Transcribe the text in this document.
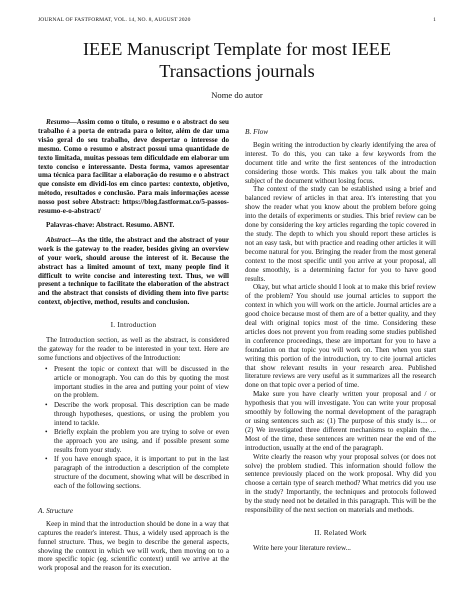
JOURNAL OF FASTFORMAT, VOL. 14, NO. 8, AUGUST 2020	1
IEEE Manuscript Template for most IEEE Transactions journals
Nome do autor

Resumo—Assim como o título, o resumo e o abstract do seu trabalho é a porta de entrada para o leitor, além de dar uma visão geral do seu trabalho, deve despertar o interesse do mesmo. Como o resumo e abstract possui uma quantidade de texto limitada, muitas pessoas tem dificuldade em elaborar um texto conciso e interessante. Desta forma, vamos apresentar uma técnica para facilitar a elaboração do resumo e o abstract que consiste em dividi-los em cinco partes: contexto, objetivo, método, resultados e conclusão. Para mais informações acesse nosso post sobre Abstract: https://blog.fastformat.co/5-passos-resumo-e-o-abstract/

Palavras-chave: Abstract. Resumo. ABNT.

Abstract—As the title, the abstract and the abstract of your work is the gateway to the reader, besides giving an overview of your work, should arouse the interest of it. Because the abstract has a limited amount of text, many people find it difficult to write concise and interesting text. Thus, we will present a technique to facilitate the elaboration of the abstract and the abstract that consists of dividing them into five parts: context, objective, method, results and conclusion.

I. Introduction

The Introduction section, as well as the abstract, is considered the gateway for the reader to be interested in your text. Here are some functions and objectives of the Introduction:

• Present the topic or context that will be discussed in the article or monograph. You can do this by quoting the most important studies in the area and putting your point of view on the problem.
• Describe the work proposal. This description can be made through hypotheses, questions, or using the problem you intend to tackle.
• Briefly explain the problem you are trying to solve or even the approach you are using, and if possible present some results from your study.
• If you have enough space, it is important to put in the last paragraph of the introduction a description of the complete structure of the document, showing what will be described in each of the following sections.
A. Structure

Keep in mind that the introduction should be done in a way that captures the reader's interest. Thus, a widely used approach is the funnel structure. Thus, we begin to describe the general aspects, showing the context in which we will work, then moving on to a more specific topic (eg. scientific context) until we arrive at the work proposal and the reason for its execution.

B. Flow

Begin writing the introduction by clearly identifying the area of interest. To do this, you can take a few keywords from the document title and write the first sentences of the introduction considering those words. This makes you talk about the main subject of the document without losing focus.

The context of the study can be established using a brief and balanced review of articles in that area. It's interesting that you show the reader what you know about the problem before going into the details of experiments or studies. This brief review can be done by considering the key articles regarding the topic covered in the study. The depth to which you should report these articles is not an easy task, but with practice and reading other articles it will become natural for you. Bringing the reader from the most general context to the most specific until you arrive at your proposal, all done smoothly, is a determining factor for you to have good results.

Okay, but what article should I look at to make this brief review of the problem? You should use journal articles to support the context in which you will work on the article. Journal articles are a good choice because most of them are of a better quality, and they deal with original topics most of the time. Considering these articles does not prevent you from reading some studies published in conference proceedings, these are important for you to have a foundation on that topic you will work on. Then when you start writing this portion of the introduction, try to cite journal articles that show relevant results in your research area. Published literature reviews are very useful as it summarizes all the research done on that topic over a period of time.

Make sure you have clearly written your proposal and / or hypothesis that you will investigate. You can write your proposal smoothly by following the normal development of the paragraph or using sentences such as: (1) The purpose of this study is.... or (2) We investigated three different mechanisms to explain the.... Most of the time, these sentences are written near the end of the introduction, usually at the end of the paragraph.

Write clearly the reason why your proposal solves (or does not solve) the problem studied. This information should follow the sentence previously placed on the work proposal. Why did you choose a certain type of search method? What metrics did you use in the study? Importantly, the techniques and protocols followed by the study need not be detailed in this paragraph. This will be the responsibility of the next section on materials and methods.

II. Related Work

Write here your literature review...
